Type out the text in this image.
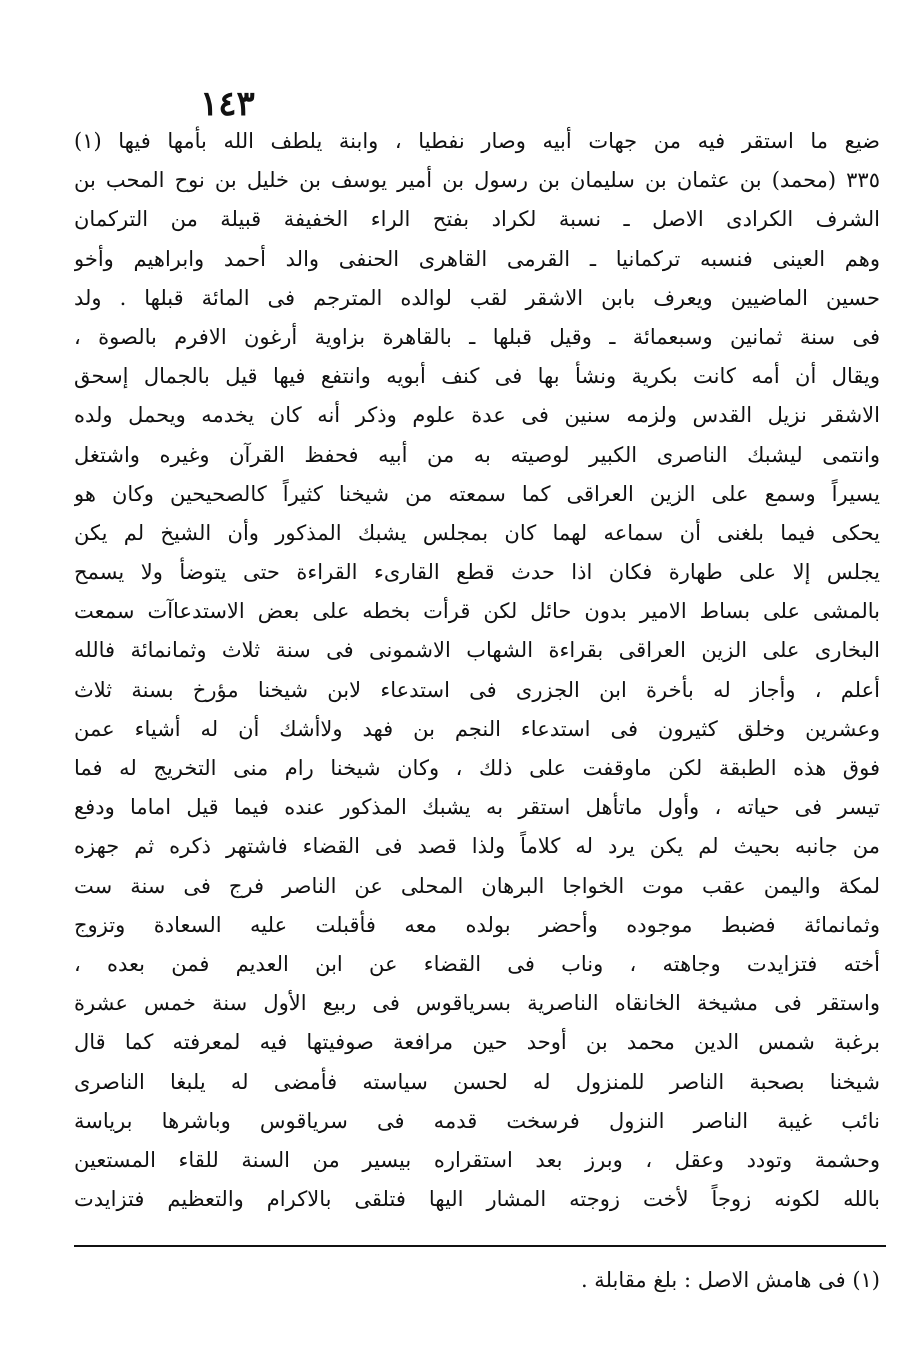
١٤٣
ضيع ما استقر فيه من جهات أبيه وصار نفطيا ، وابنة يلطف الله بأمها فيها (١)
٣٣٥ (محمد) بن عثمان بن سليمان بن رسول بن أمير يوسف بن خليل بن نوح المحب بن
الشرف الكرادى الاصل ـ نسبة لكراد بفتح الراء الخفيفة قبيلة من التركمان
وهم العينى فنسبه تركمانيا ـ القرمى القاهرى الحنفى والد أحمد وابراهيم وأخو
حسين الماضيين ويعرف بابن الاشقر لقب لوالده المترجم فى المائة قبلها . ولد
فى سنة ثمانين وسبعمائة ـ وقيل قبلها ـ بالقاهرة بزاوية أرغون الافرم بالصوة ،
ويقال أن أمه كانت بكرية ونشأ بها فى كنف أبويه وانتفع فيها قيل بالجمال إسحق
الاشقر نزيل القدس ولزمه سنين فى عدة علوم وذكر أنه كان يخدمه ويحمل ولده
وانتمى ليشبك الناصرى الكبير لوصيته به من أبيه فحفظ القرآن وغيره واشتغل
يسيراً وسمع على الزين العراقى كما سمعته من شيخنا كثيراً كالصحيحين وكان هو
يحكى فيما بلغنى أن سماعه لهما كان بمجلس يشبك المذكور وأن الشيخ لم يكن
يجلس إلا على طهارة فكان اذا حدث قطع القارىء القراءة حتى يتوضأ ولا يسمح
بالمشى على بساط الامير بدون حائل لكن قرأت بخطه على بعض الاستدعاآت سمعت
البخارى على الزين العراقى بقراءة الشهاب الاشمونى فى سنة ثلاث وثمانمائة فالله
أعلم ، وأجاز له بأخرة ابن الجزرى فى استدعاء لابن شيخنا مؤرخ بسنة ثلاث
وعشرين وخلق كثيرون فى استدعاء النجم بن فهد ولاأشك أن له أشياء عمن
فوق هذه الطبقة لكن ماوقفت على ذلك ، وكان شيخنا رام منى التخريج له فما
تيسر فى حياته ، وأول ماتأهل استقر به يشبك المذكور عنده فيما قيل اماما ودفع
من جانبه بحيث لم يكن يرد له كلاماً ولذا قصد فى القضاء فاشتهر ذكره ثم جهزه
لمكة واليمن عقب موت الخواجا البرهان المحلى عن الناصر فرج فى سنة ست
وثمانمائة فضبط موجوده وأحضر بولده معه فأقبلت عليه السعادة وتزوج
أخته فتزايدت وجاهته ، وناب فى القضاء عن ابن العديم فمن بعده ،
واستقر فى مشيخة الخانقاه الناصرية بسرياقوس فى ربيع الأول سنة خمس عشرة
برغبة شمس الدين محمد بن أوحد حين مرافعة صوفيتها فيه لمعرفته كما قال
شيخنا بصحبة الناصر للمنزول له لحسن سياسته فأمضى له يلبغا الناصرى
نائب غيبة الناصر النزول فرسخت قدمه فى سرياقوس وباشرها برياسة
وحشمة وتودد وعقل ، وبرز بعد استقراره بيسير من السنة للقاء المستعين
بالله لكونه زوجاً لأخت زوجته المشار اليها فتلقى بالاكرام والتعظيم فتزايدت
(١) فى هامش الاصل : بلغ مقابلة .
